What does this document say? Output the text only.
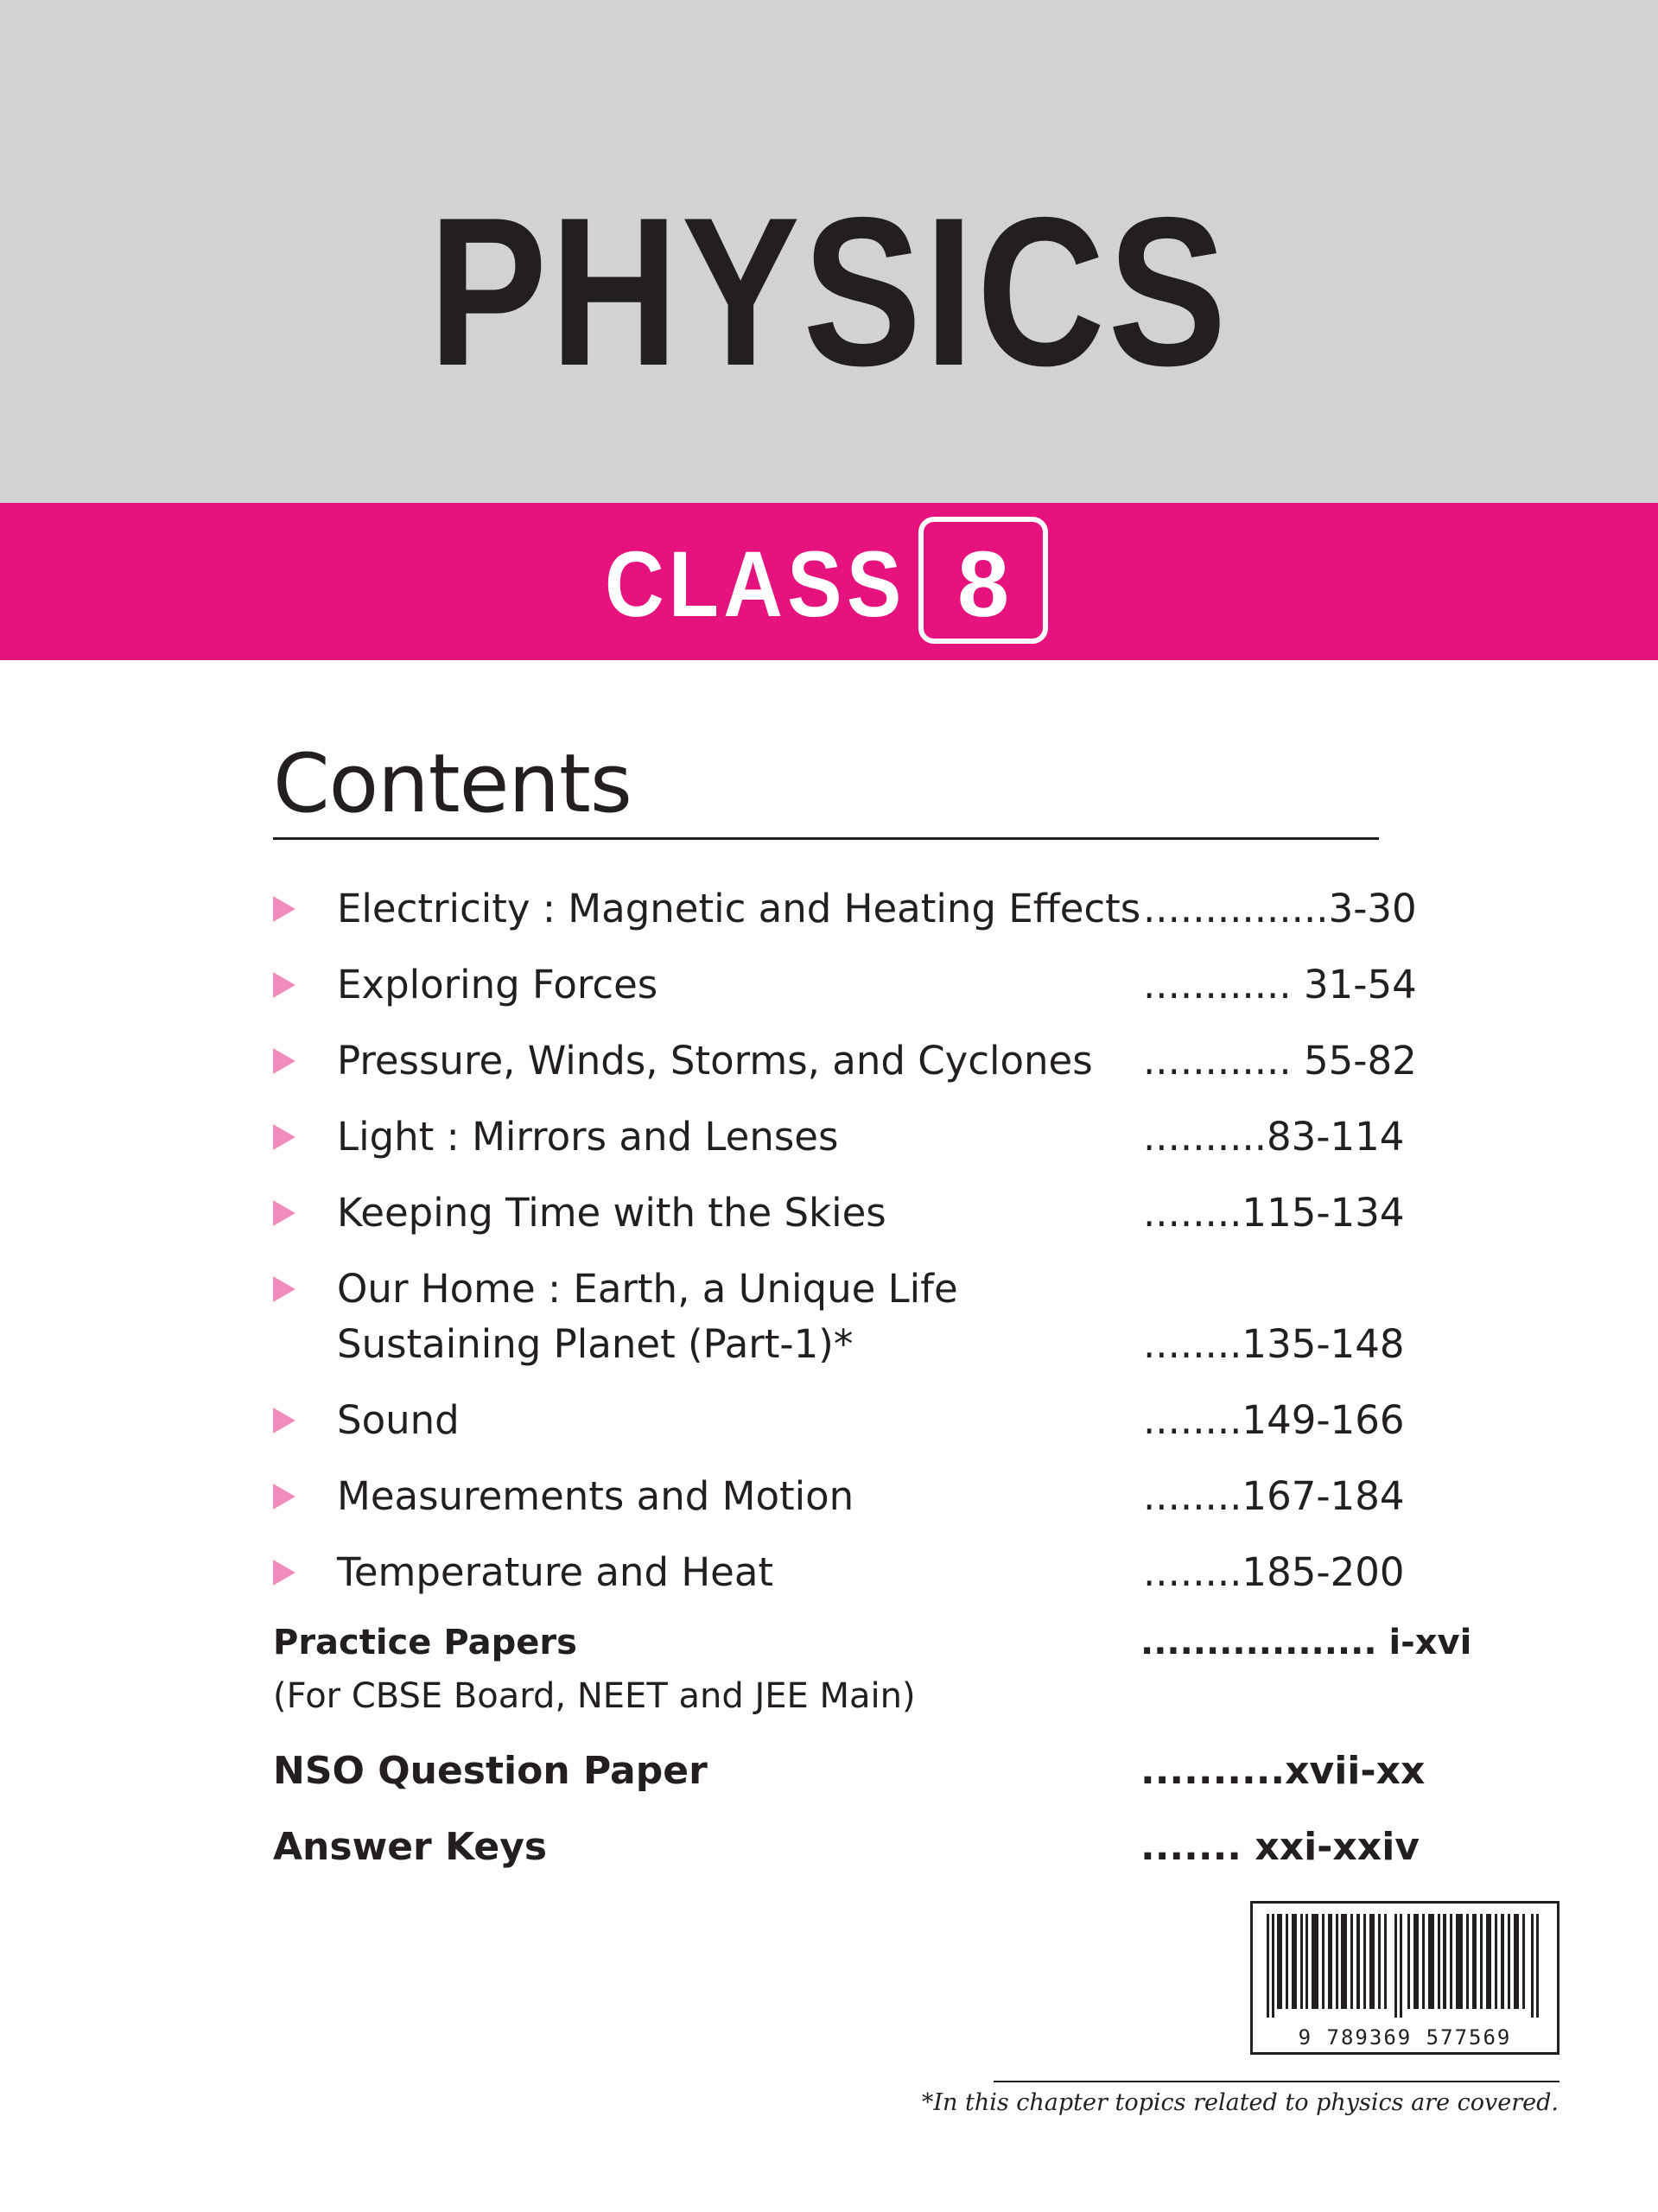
PHYSICS
CLASS 8
Contents
Electricity : Magnetic and Heating Effects ...............3-30
Exploring Forces	............ 31-54
Pressure, Winds, Storms, and Cyclones ............ 55-82
Light : Mirrors and Lenses	..........83-114
Keeping Time with the Skies	........115-134
Our Home : Earth, a Unique Life
Sustaining Planet (Part-1)*	........135-148
Sound	........149-166
Measurements and Motion	........167-184
Temperature and Heat	........185-200
Practice Papers	.................. i-xvi
(For CBSE Board, NEET and JEE Main)
NSO Question Paper	..........xvii-xx
Answer Keys	....... xxi-xxiv
9 789369 577569
*In this chapter topics related to physics are covered.
